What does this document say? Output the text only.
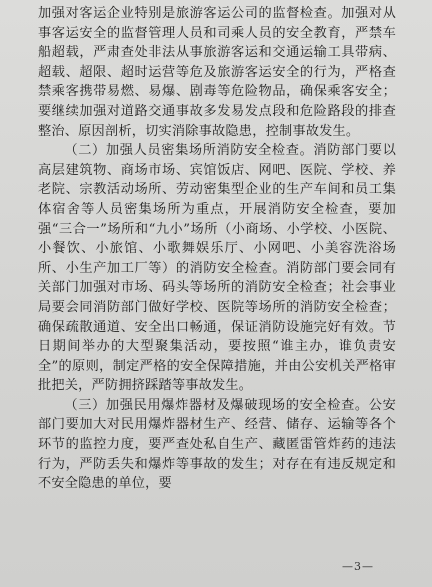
加强对客运企业特别是旅游客运公司的监督检查。加强对从事客运安全的监督管理人员和司乘人员的安全教育，严禁车船超载，严肃查处非法从事旅游客运和交通运输工具带病、超载、超限、超时运营等危及旅游客运安全的行为，严格查禁乘客携带易燃、易爆、剧毒等危险物品，确保乘客安全；要继续加强对道路交通事故多发易发点段和危险路段的排查整治、原因剖析，切实消除事故隐患，控制事故发生。

（二）加强人员密集场所消防安全检查。消防部门要以高层建筑物、商场市场、宾馆饭店、网吧、医院、学校、养老院、宗教活动场所、劳动密集型企业的生产车间和员工集体宿舍等人员密集场所为重点，开展消防安全检查，要加强“三合一”场所和“九小”场所（小商场、小学校、小医院、小餐饮、小旅馆、小歌舞娱乐厅、小网吧、小美容洗浴场所、小生产加工厂等）的消防安全检查。消防部门要会同有关部门加强对市场、码头等场所的消防安全检查；社会事业局要会同消防部门做好学校、医院等场所的消防安全检查；确保疏散通道、安全出口畅通，保证消防设施完好有效。节日期间举办的大型聚集活动，要按照“谁主办，谁负责安全”的原则，制定严格的安全保障措施，并由公安机关严格审批把关，严防拥挤踩踏等事故发生。

（三）加强民用爆炸器材及爆破现场的安全检查。公安部门要加大对民用爆炸器材生产、经营、储存、运输等各个环节的监控力度，要严查处私自生产、藏匿雷管炸药的违法行为，严防丢失和爆炸等事故的发生；对存在有违反规定和不安全隐患的单位，要

—3—
